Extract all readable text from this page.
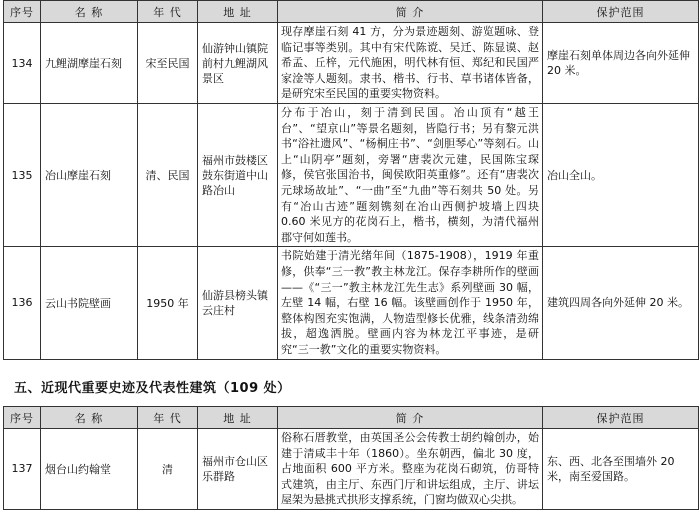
序号	名 称	年 代	地 址	简 介	保护范围
134	九鲤湖摩崖石刻	宋至民国	仙游钟山镇院前村九鲤湖风景区	现存摩崖石刻 41 方，分为景迹题刻、游览题咏、登临记事等类别。其中有宋代陈谠、吴迁、陈显谟、赵希孟、丘梓，元代施困，明代林有恒、郑纪和民国严家淦等人题刻。隶书、楷书、行书、草书诸体皆备，是研究宋至民国的重要实物资料。	摩崖石刻单体周边各向外延伸 20 米。
135	冶山摩崖石刻	清、民国	福州市鼓楼区鼓东街道中山路冶山	分布于冶山，刻于清到民国。冶山顶有“越王台”、“望京山”等景名题刻，皆隐行书；另有黎元洪书“浴社遗风”、“杨桐庄书”、“剑胆琴心”等刻石。山上“山阴亭”题刻，旁署“唐裴次元建，民国陈宝琛修，侯官张国治书，闽侯欧阳英重修”。还有“唐裴次元球场故址”、“一曲”至“九曲”等石刻共 50 处。另有“冶山古迹”题刻镌刻在冶山西侧护坡墙上四块 0.60 米见方的花岗石上，楷书，横刻，为清代福州郡守何如莲书。	冶山全山。
136	云山书院壁画	1950 年	仙游县榜头镇云庄村	书院始建于清光绪年间（1875-1908），1919 年重修，供奉“三一教”教主林龙江。保存李耕所作的壁画——《“三一”教主林龙江先生志》系列壁画 30 幅，左壁 14 幅，右壁 16 幅。该壁画创作于 1950 年，整体构图充实饱满，人物造型修长优雅，线条清劲绵拔，超逸洒脱。壁画内容为林龙江平事迹，是研究“三一教”文化的重要实物资料。	建筑四周各向外延伸 20 米。
五、近现代重要史迹及代表性建筑（109 处）
序号	名 称	年 代	地 址	简 介	保护范围
137	烟台山约翰堂	清	福州市仓山区乐群路	俗称石厝教堂，由英国圣公会传教士胡约翰创办，始建于清咸丰十年（1860）。坐东朝西，偏北 30 度，占地面积 600 平方米。整座为花岗石砌筑，仿哥特式建筑，由主厅、东西门厅和讲坛组成，主厅、讲坛屋架为悬挑式拱形支撑系统，门窗均做双心尖拱。	东、西、北各至围墙外 20 米，南至爱国路。
